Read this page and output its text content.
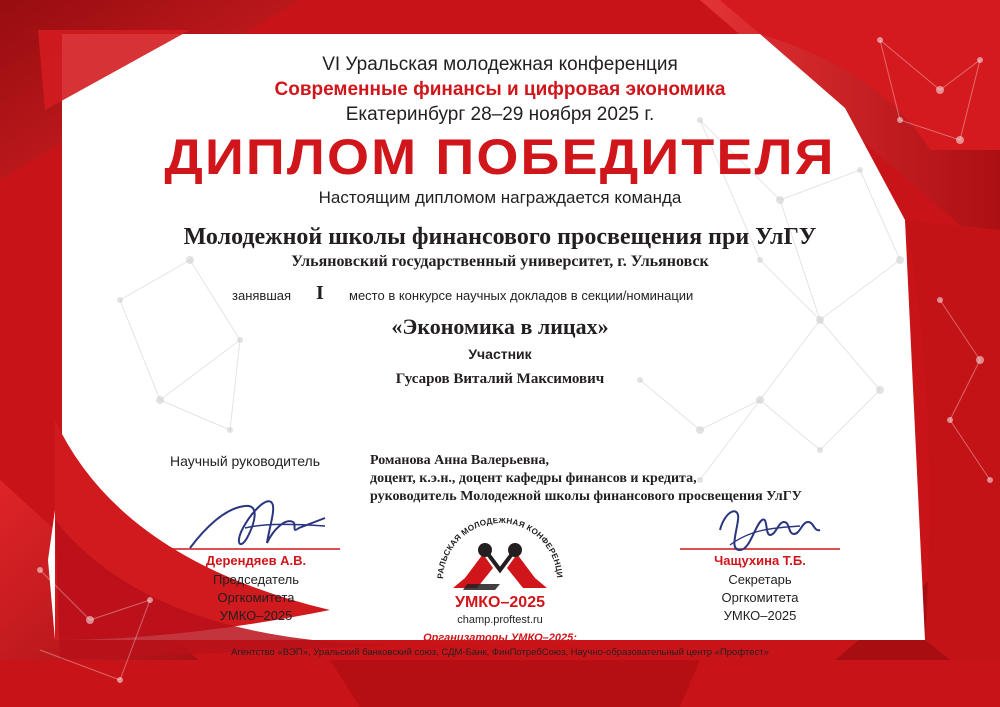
VI Уральская молодежная конференция

Современные финансы и цифровая экономика

Екатеринбург 28–29 ноября 2025 г.

ДИПЛОМ ПОБЕДИТЕЛЯ

Настоящим дипломом награждается команда

Молодежной школы финансового просвещения при УлГУ

Ульяновский государственный университет, г. Ульяновск

занявшая I место в конкурсе научных докладов в секции/номинации

«Экономика в лицах»

Участник

Гусаров Виталий Максимович

Научный руководитель	Романова Анна Валерьевна,

доцент, к.э.н., доцент кафедры финансов и кредита,

руководитель Молодежной школы финансового просвещения УлГУ

Дерендяев А.В.

Председатель

Оргкомитета

УМКО–2025

Чащухина Т.Б.

Секретарь

Оргкомитета

УМКО–2025

РАЛЬСКАЯ МОЛОДЕЖНАЯ КОНФЕРЕНЦИ

УМКО–2025

champ.proftest.ru

Организаторы УМКО–2025:

Агентство «ВЭП», Уральский банковский союз, СДМ-Банк, ФинПотребСоюз, Научно-образовательный центр «Профтест»
